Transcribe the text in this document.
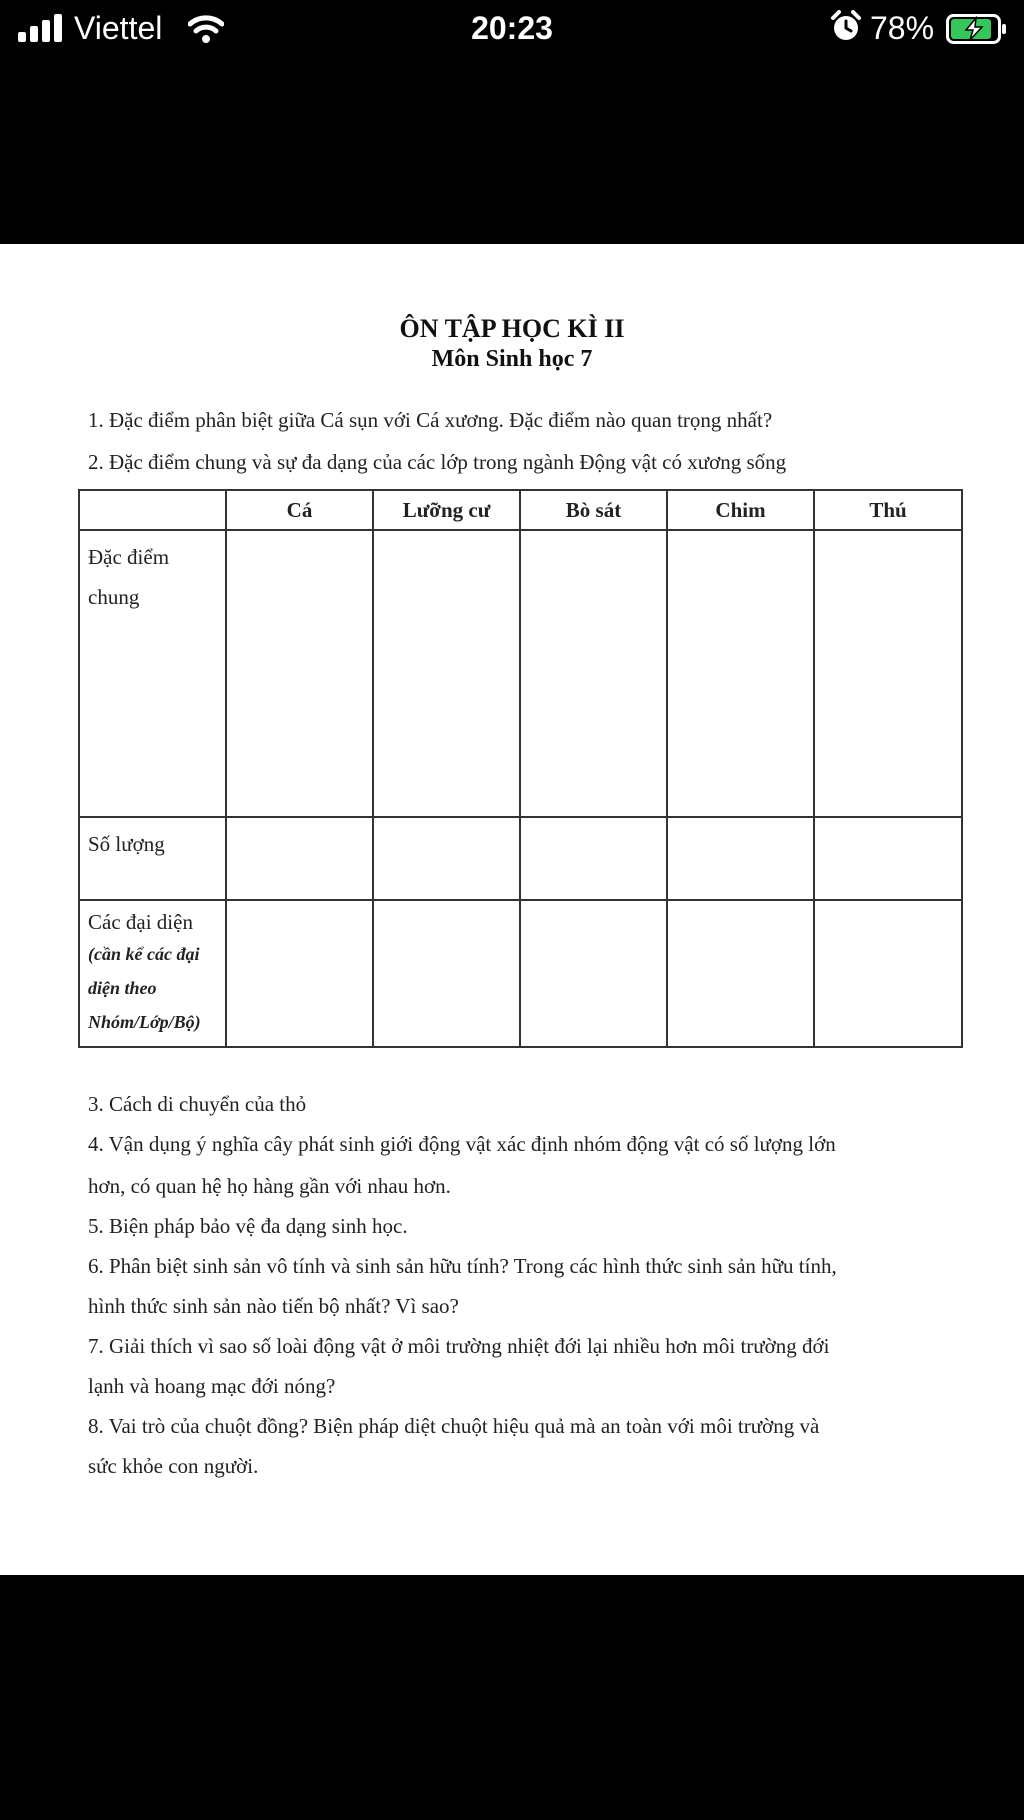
Viettel	20:23	78%
ÔN TẬP HỌC KÌ II
Môn Sinh học 7
1. Đặc điểm phân biệt giữa Cá sụn với Cá xương. Đặc điểm nào quan trọng nhất?
2. Đặc điểm chung và sự đa dạng của các lớp trong ngành Động vật có xương sống
	Cá	Lưỡng cư	Bò sát	Chim	Thú
Đặc điểm
chung					
Số lượng					
Các đại diện
(cần kể các đại diện theo Nhóm/Lớp/Bộ)					

3. Cách di chuyển của thỏ
4. Vận dụng ý nghĩa cây phát sinh giới động vật xác định nhóm động vật có số lượng lớn
hơn, có quan hệ họ hàng gần với nhau hơn.
5. Biện pháp bảo vệ đa dạng sinh học.
6. Phân biệt sinh sản vô tính và sinh sản hữu tính? Trong các hình thức sinh sản hữu tính,
hình thức sinh sản nào tiến bộ nhất? Vì sao?
7. Giải thích vì sao số loài động vật ở môi trường nhiệt đới lại nhiều hơn môi trường đới
lạnh và hoang mạc đới nóng?
8. Vai trò của chuột đồng? Biện pháp diệt chuột hiệu quả mà an toàn với môi trường và
sức khỏe con người.
